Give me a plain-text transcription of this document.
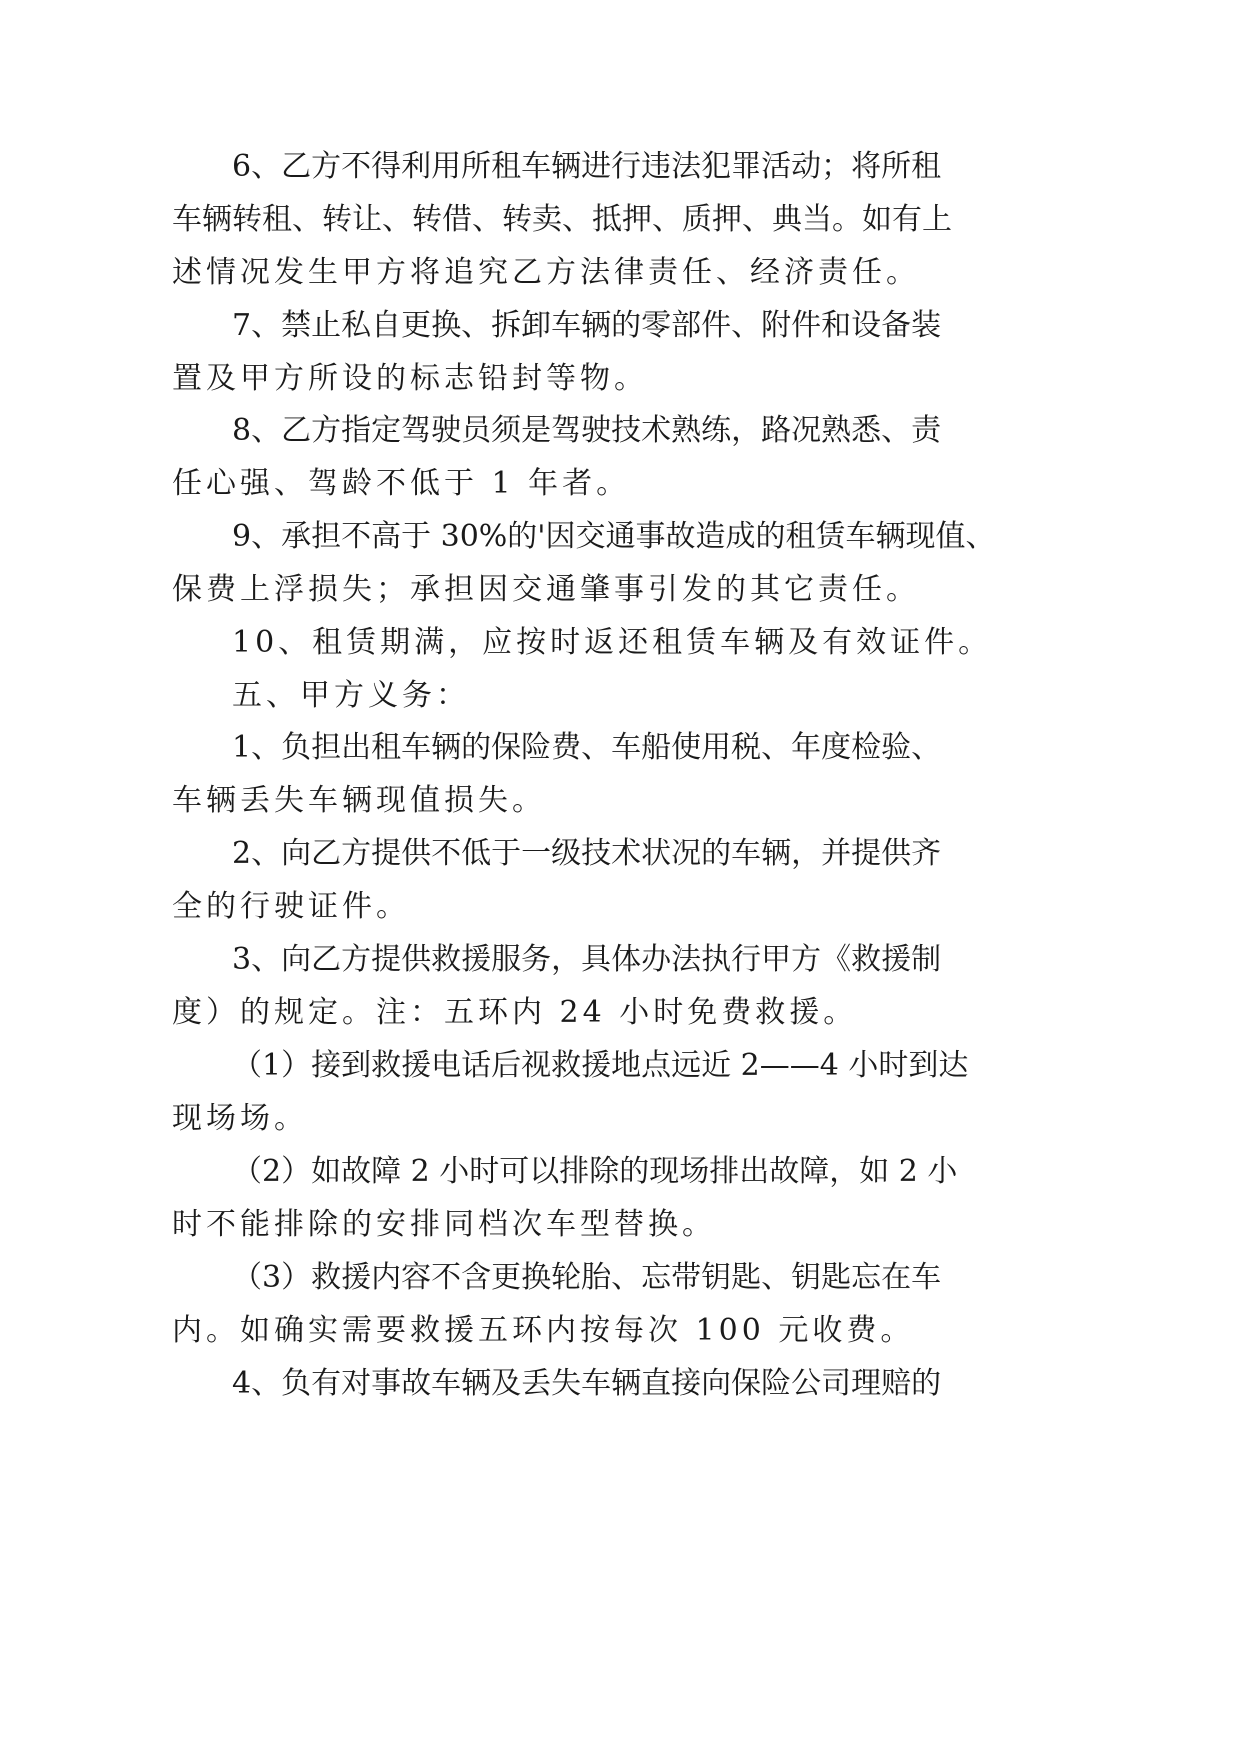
6、乙方不得利用所租车辆进行违法犯罪活动；将所租
车辆转租、转让、转借、转卖、抵押、质押、典当。如有上
述情况发生甲方将追究乙方法律责任、经济责任。
7、禁止私自更换、拆卸车辆的零部件、附件和设备装
置及甲方所设的标志铅封等物。
8、乙方指定驾驶员须是驾驶技术熟练，路况熟悉、责
任心强、驾龄不低于 1 年者。
9、承担不高于 30%的'因交通事故造成的租赁车辆现值、
保费上浮损失；承担因交通肇事引发的其它责任。
10、租赁期满，应按时返还租赁车辆及有效证件。
五、甲方义务：
1、负担出租车辆的保险费、车船使用税、年度检验、
车辆丢失车辆现值损失。
2、向乙方提供不低于一级技术状况的车辆，并提供齐
全的行驶证件。
3、向乙方提供救援服务，具体办法执行甲方《救援制
度）的规定。注：五环内 24 小时免费救援。
（1）接到救援电话后视救援地点远近 2——4 小时到达
现场场。
（2）如故障 2 小时可以排除的现场排出故障，如 2 小
时不能排除的安排同档次车型替换。
（3）救援内容不含更换轮胎、忘带钥匙、钥匙忘在车
内。如确实需要救援五环内按每次 100 元收费。
4、负有对事故车辆及丢失车辆直接向保险公司理赔的
